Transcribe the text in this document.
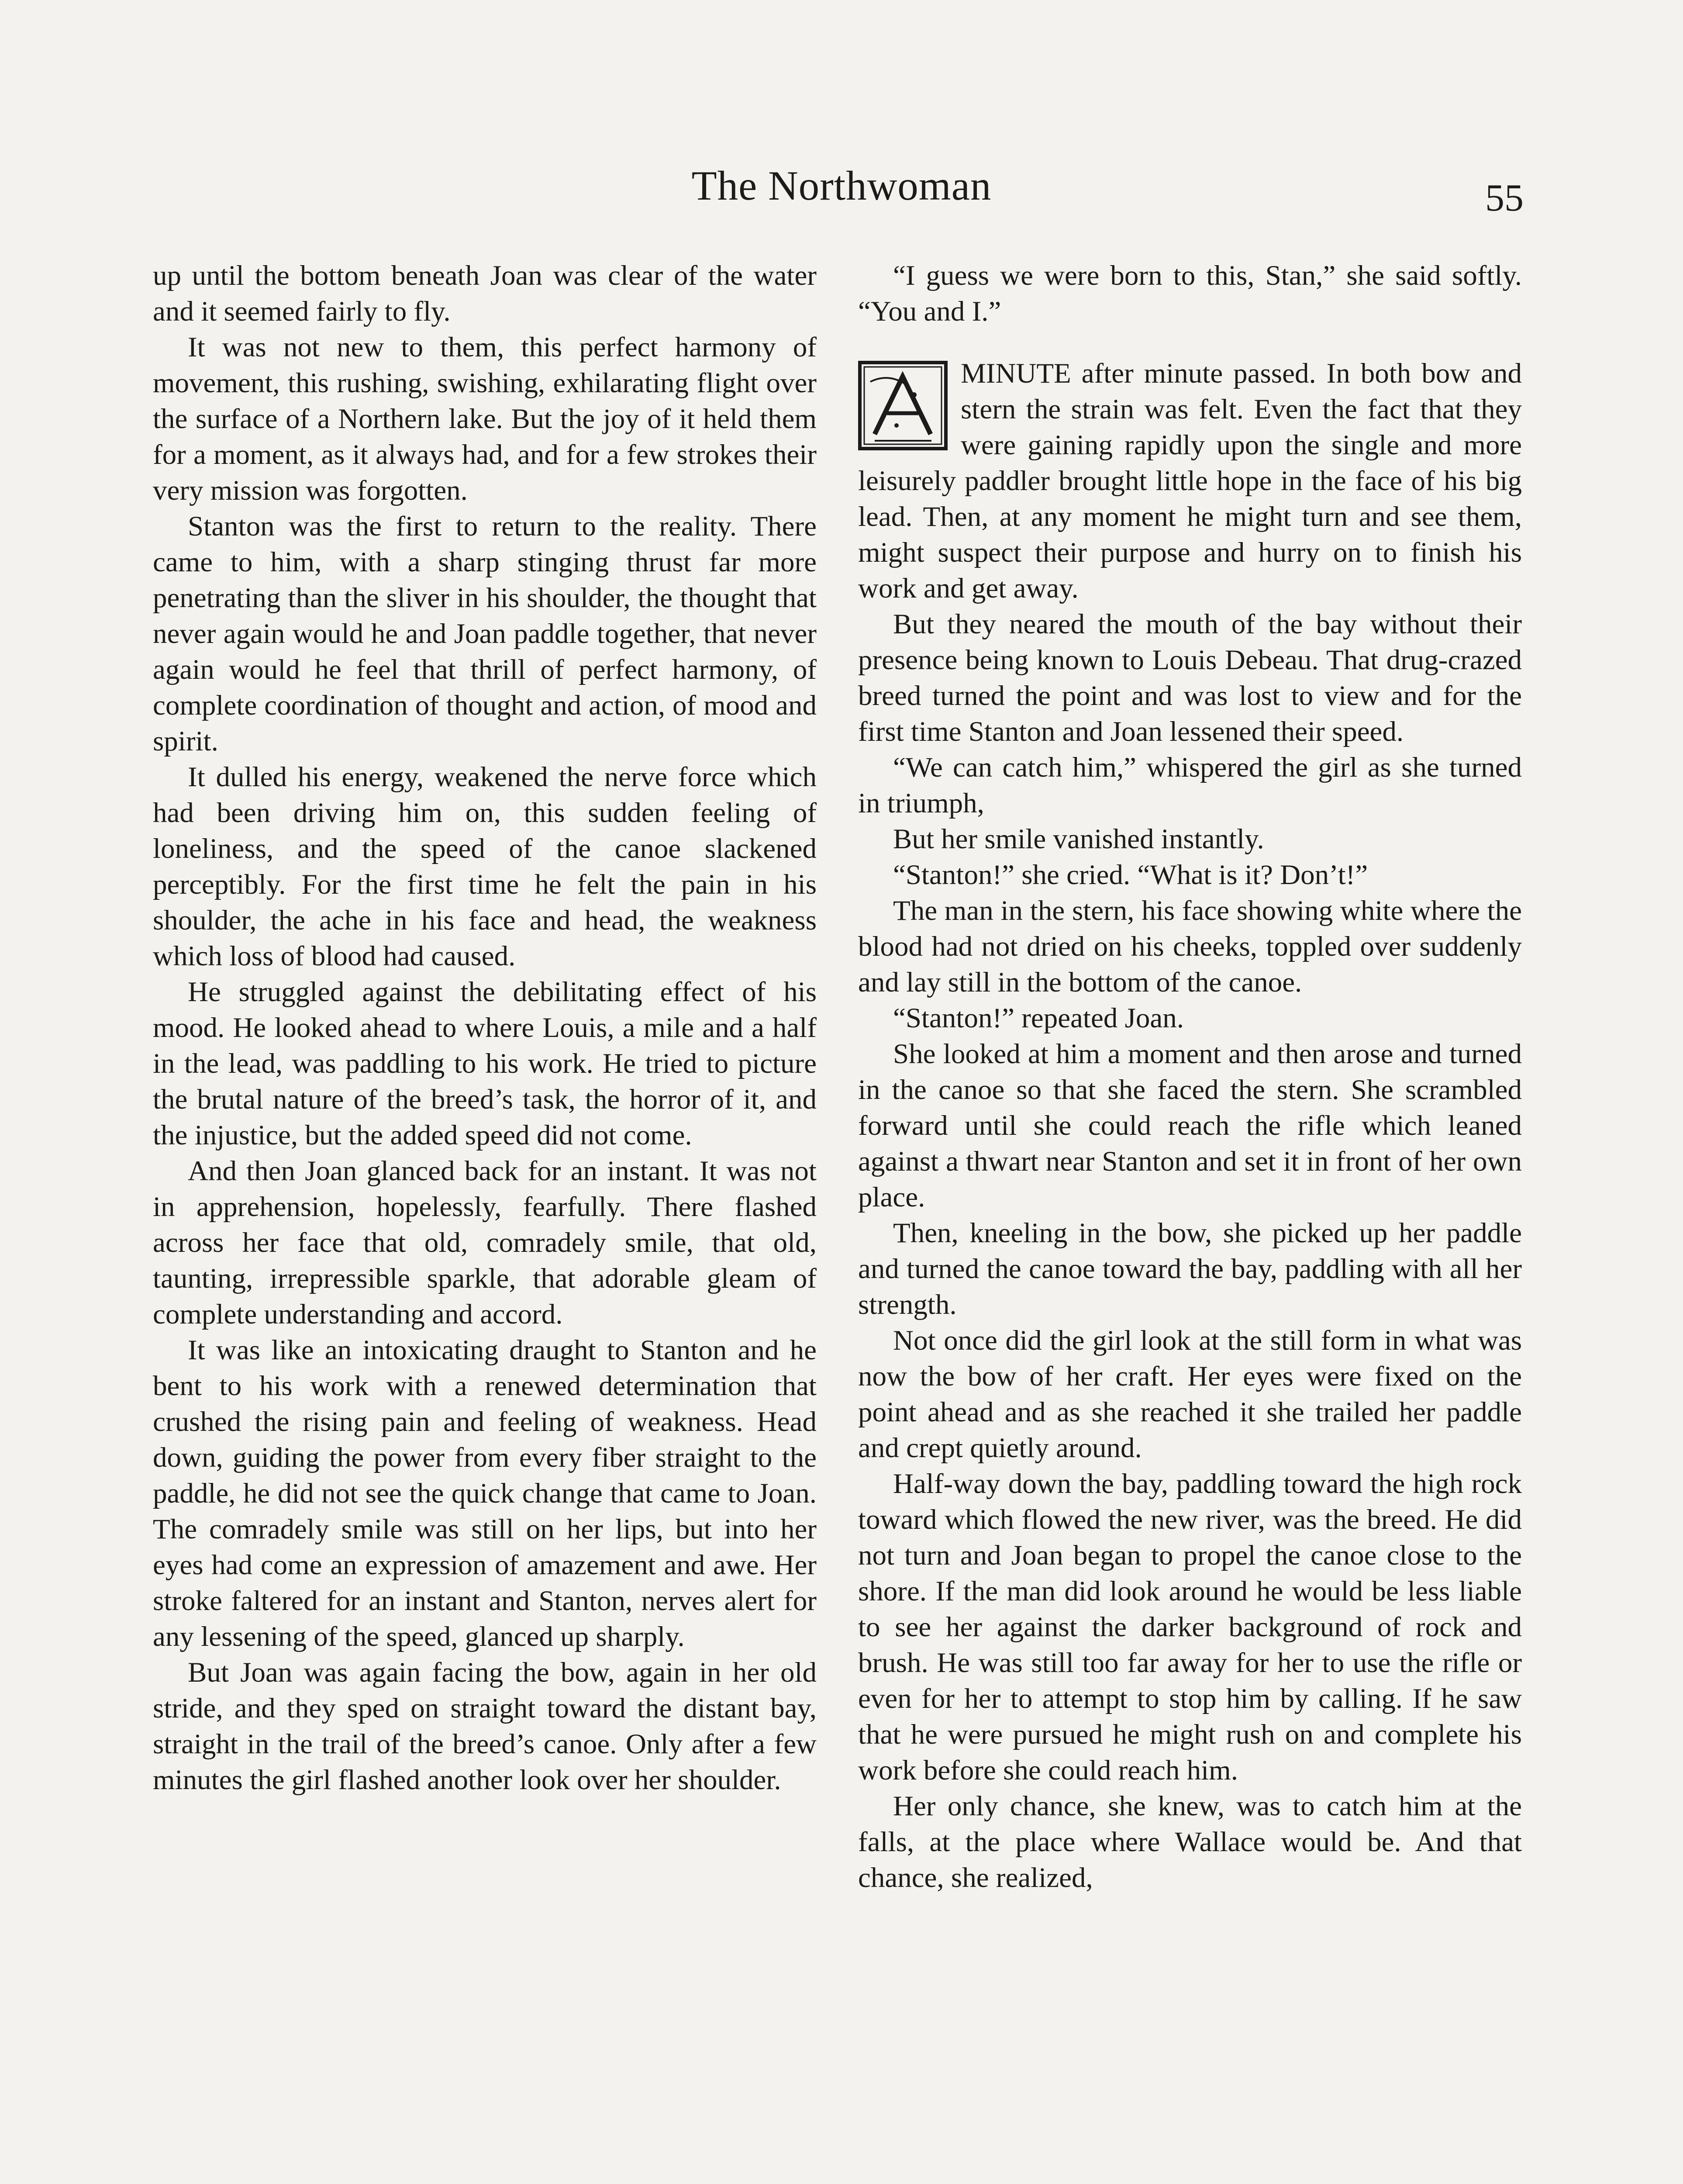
The Northwoman	55

up until the bottom beneath Joan was clear of the water and it seemed fairly to fly.

It was not new to them, this perfect harmony of movement, this rushing, swishing, exhilarating flight over the surface of a Northern lake. But the joy of it held them for a moment, as it always had, and for a few strokes their very mission was forgotten.

Stanton was the first to return to the reality. There came to him, with a sharp stinging thrust far more penetrating than the sliver in his shoulder, the thought that never again would he and Joan paddle together, that never again would he feel that thrill of perfect harmony, of complete coordination of thought and action, of mood and spirit.

It dulled his energy, weakened the nerve force which had been driving him on, this sudden feeling of loneliness, and the speed of the canoe slackened perceptibly. For the first time he felt the pain in his shoulder, the ache in his face and head, the weakness which loss of blood had caused.

He struggled against the debilitating effect of his mood. He looked ahead to where Louis, a mile and a half in the lead, was paddling to his work. He tried to picture the brutal nature of the breed’s task, the horror of it, and the injustice, but the added speed did not come.

And then Joan glanced back for an instant. It was not in apprehension, hopelessly, fearfully. There flashed across her face that old, comradely smile, that old, taunting, irrepressible sparkle, that adorable gleam of complete understanding and accord.

It was like an intoxicating draught to Stanton and he bent to his work with a renewed determination that crushed the rising pain and feeling of weakness. Head down, guiding the power from every fiber straight to the paddle, he did not see the quick change that came to Joan. The comradely smile was still on her lips, but into her eyes had come an expression of amazement and awe. Her stroke faltered for an instant and Stanton, nerves alert for any lessening of the speed, glanced up sharply.

But Joan was again facing the bow, again in her old stride, and they sped on straight toward the distant bay, straight in the trail of the breed’s canoe. Only after a few minutes the girl flashed another look over her shoulder.

“I guess we were born to this, Stan,” she said softly. “You and I.”

MINUTE after minute passed. In both bow and stern the strain was felt. Even the fact that they were gaining rapidly upon the single and more leisurely paddler brought little hope in the face of his big lead. Then, at any moment he might turn and see them, might suspect their purpose and hurry on to finish his work and get away.

But they neared the mouth of the bay without their presence being known to Louis Debeau. That drug-crazed breed turned the point and was lost to view and for the first time Stanton and Joan lessened their speed.

“We can catch him,” whispered the girl as she turned in triumph,

But her smile vanished instantly.

“Stanton!” she cried. “What is it? Don’t!”

The man in the stern, his face showing white where the blood had not dried on his cheeks, toppled over suddenly and lay still in the bottom of the canoe.

“Stanton!” repeated Joan.

She looked at him a moment and then arose and turned in the canoe so that she faced the stern. She scrambled forward until she could reach the rifle which leaned against a thwart near Stanton and set it in front of her own place.

Then, kneeling in the bow, she picked up her paddle and turned the canoe toward the bay, paddling with all her strength.

Not once did the girl look at the still form in what was now the bow of her craft. Her eyes were fixed on the point ahead and as she reached it she trailed her paddle and crept quietly around.

Half-way down the bay, paddling toward the high rock toward which flowed the new river, was the breed. He did not turn and Joan began to propel the canoe close to the shore. If the man did look around he would be less liable to see her against the darker background of rock and brush. He was still too far away for her to use the rifle or even for her to attempt to stop him by calling. If he saw that he were pursued he might rush on and complete his work before she could reach him.

Her only chance, she knew, was to catch him at the falls, at the place where Wallace would be. And that chance, she realized,
